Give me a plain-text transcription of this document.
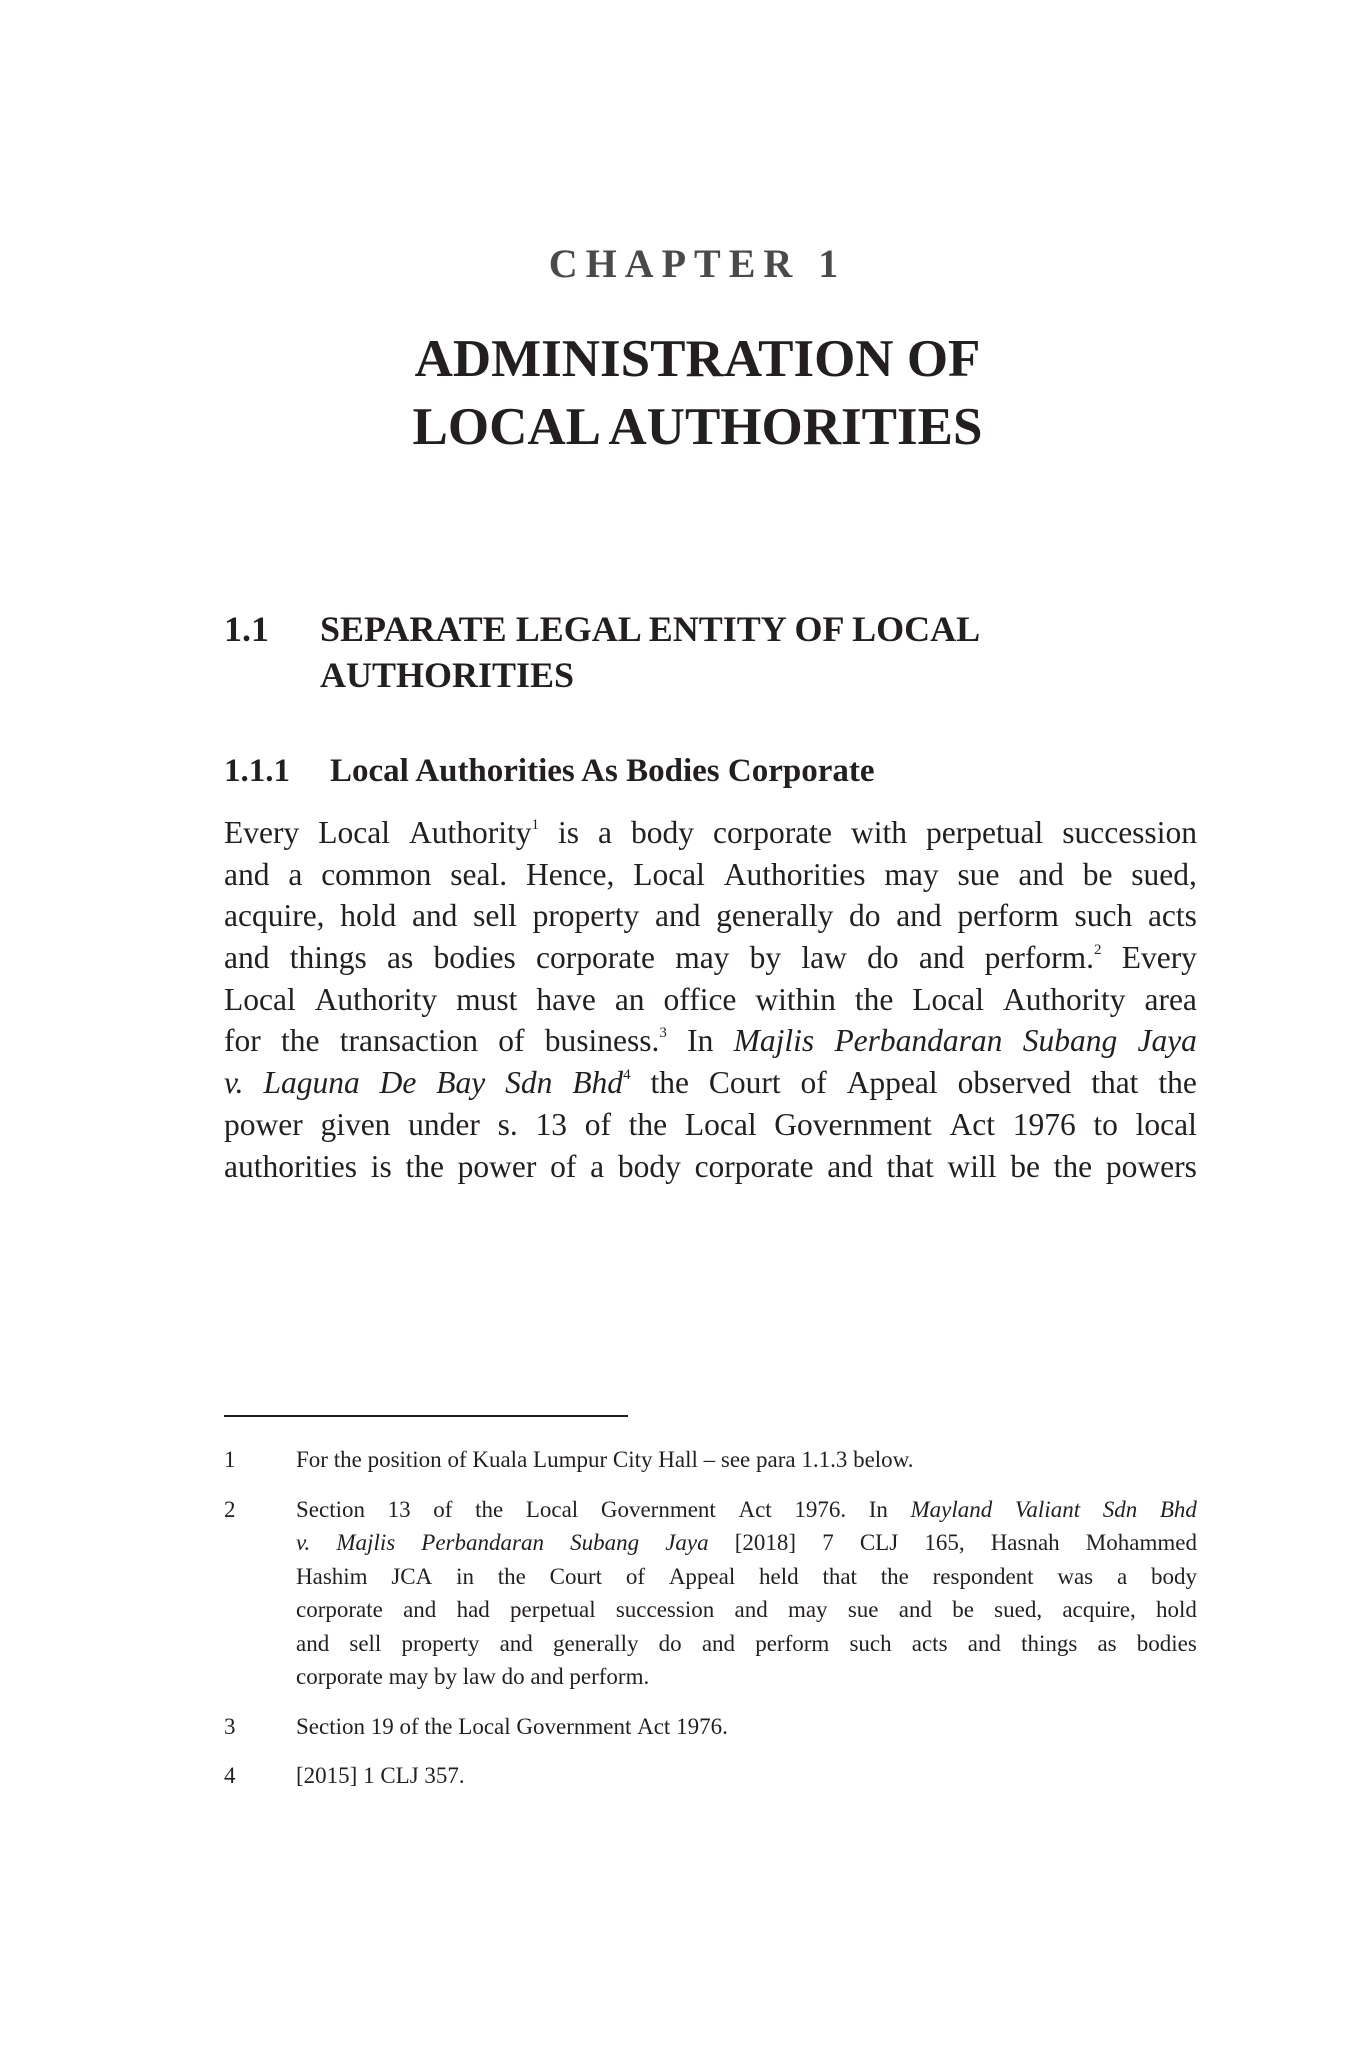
CHAPTER 1
ADMINISTRATION OF
LOCAL AUTHORITIES
1.1 SEPARATE LEGAL ENTITY OF LOCAL
AUTHORITIES
1.1.1 Local Authorities As Bodies Corporate
Every Local Authority$^1$ is a body corporate with perpetual succession
and a common seal. Hence, Local Authorities may sue and be sued,
acquire, hold and sell property and generally do and perform such acts
and things as bodies corporate may by law do and perform.$^2$ Every
Local Authority must have an office within the Local Authority area
for the transaction of business.$^3$ In Majlis Perbandaran Subang Jaya
v. Laguna De Bay Sdn Bhd$^4$ the Court of Appeal observed that the
power given under s. 13 of the Local Government Act 1976 to local
authorities is the power of a body corporate and that will be the powers
1	For the position of Kuala Lumpur City Hall – see para 1.1.3 below.
2	Section 13 of the Local Government Act 1976. In Mayland Valiant Sdn Bhd
v. Majlis Perbandaran Subang Jaya [2018] 7 CLJ 165, Hasnah Mohammed
Hashim JCA in the Court of Appeal held that the respondent was a body
corporate and had perpetual succession and may sue and be sued, acquire, hold
and sell property and generally do and perform such acts and things as bodies
corporate may by law do and perform.
3	Section 19 of the Local Government Act 1976.
4	[2015] 1 CLJ 357.
